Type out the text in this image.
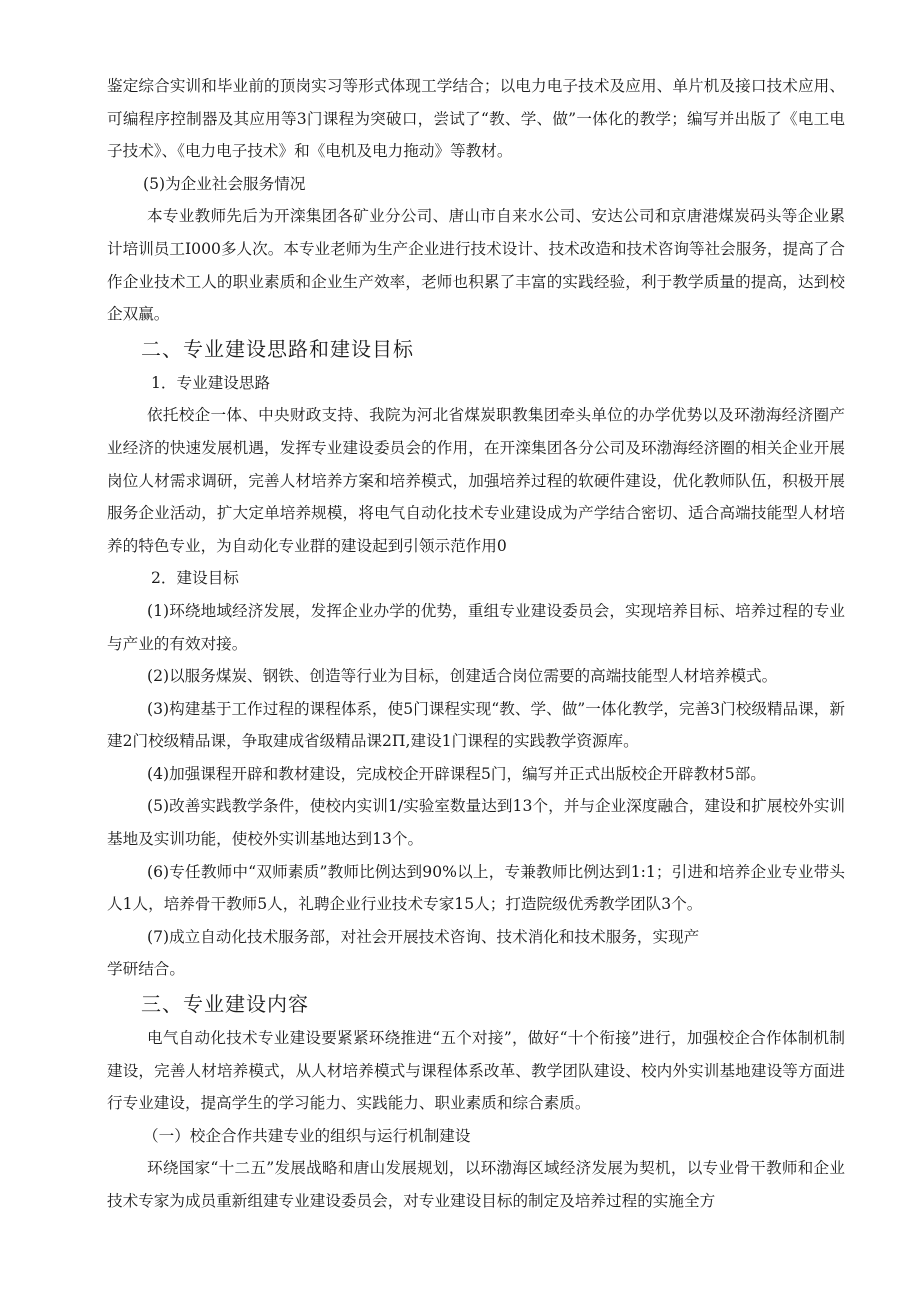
鉴定综合实训和毕业前的顶岗实习等形式体现工学结合；以电力电子技术及应用、单片机及接口技术应用、可编程序控制器及其应用等3门课程为突破口，尝试了“教、学、做”一体化的教学；编写并出版了《电工电子技术》、《电力电子技术》和《电机及电力拖动》等教材。

(5)为企业社会服务情况

本专业教师先后为开滦集团各矿业分公司、唐山市自来水公司、安达公司和京唐港煤炭码头等企业累计培训员工I000多人次。本专业老师为生产企业进行技术设计、技术改造和技术咨询等社会服务，提高了合作企业技术工人的职业素质和企业生产效率，老师也积累了丰富的实践经验，利于教学质量的提高，达到校企双赢。

二、专业建设思路和建设目标

1．专业建设思路

依托校企一体、中央财政支持、我院为河北省煤炭职教集团牵头单位的办学优势以及环渤海经济圈产业经济的快速发展机遇，发挥专业建设委员会的作用，在开滦集团各分公司及环渤海经济圈的相关企业开展岗位人材需求调研，完善人材培养方案和培养模式，加强培养过程的软硬件建设，优化教师队伍，积极开展服务企业活动，扩大定单培养规模，将电气自动化技术专业建设成为产学结合密切、适合高端技能型人材培养的特色专业，为自动化专业群的建设起到引领示范作用0

2．建设目标

(1)环绕地域经济发展，发挥企业办学的优势，重组专业建设委员会，实现培养目标、培养过程的专业与产业的有效对接。

(2)以服务煤炭、钢铁、创造等行业为目标，创建适合岗位需要的高端技能型人材培养模式。

(3)构建基于工作过程的课程体系，使5门课程实现“教、学、做”一体化教学，完善3门校级精品课，新建2门校级精品课，争取建成省级精品课2Π,建设1门课程的实践教学资源库。

(4)加强课程开辟和教材建设，完成校企开辟课程5门，编写并正式出版校企开辟教材5部。

(5)改善实践教学条件，使校内实训1/实验室数量达到13个，并与企业深度融合，建设和扩展校外实训基地及实训功能，使校外实训基地达到13个。

(6)专任教师中“双师素质”教师比例达到90%以上，专兼教师比例达到1:1；引进和培养企业专业带头人1人，培养骨干教师5人，礼聘企业行业技术专家15人；打造院级优秀教学团队3个。

(7)成立自动化技术服务部，对社会开展技术咨询、技术消化和技术服务，实现产

学研结合。

三、专业建设内容

电气自动化技术专业建设要紧紧环绕推进“五个对接”，做好“十个衔接”进行，加强校企合作体制机制建设，完善人材培养模式，从人材培养模式与课程体系改革、教学团队建设、校内外实训基地建设等方面进行专业建设，提高学生的学习能力、实践能力、职业素质和综合素质。

（一）校企合作共建专业的组织与运行机制建设

环绕国家“十二五”发展战略和唐山发展规划，以环渤海区域经济发展为契机，以专业骨干教师和企业技术专家为成员重新组建专业建设委员会，对专业建设目标的制定及培养过程的实施全方
